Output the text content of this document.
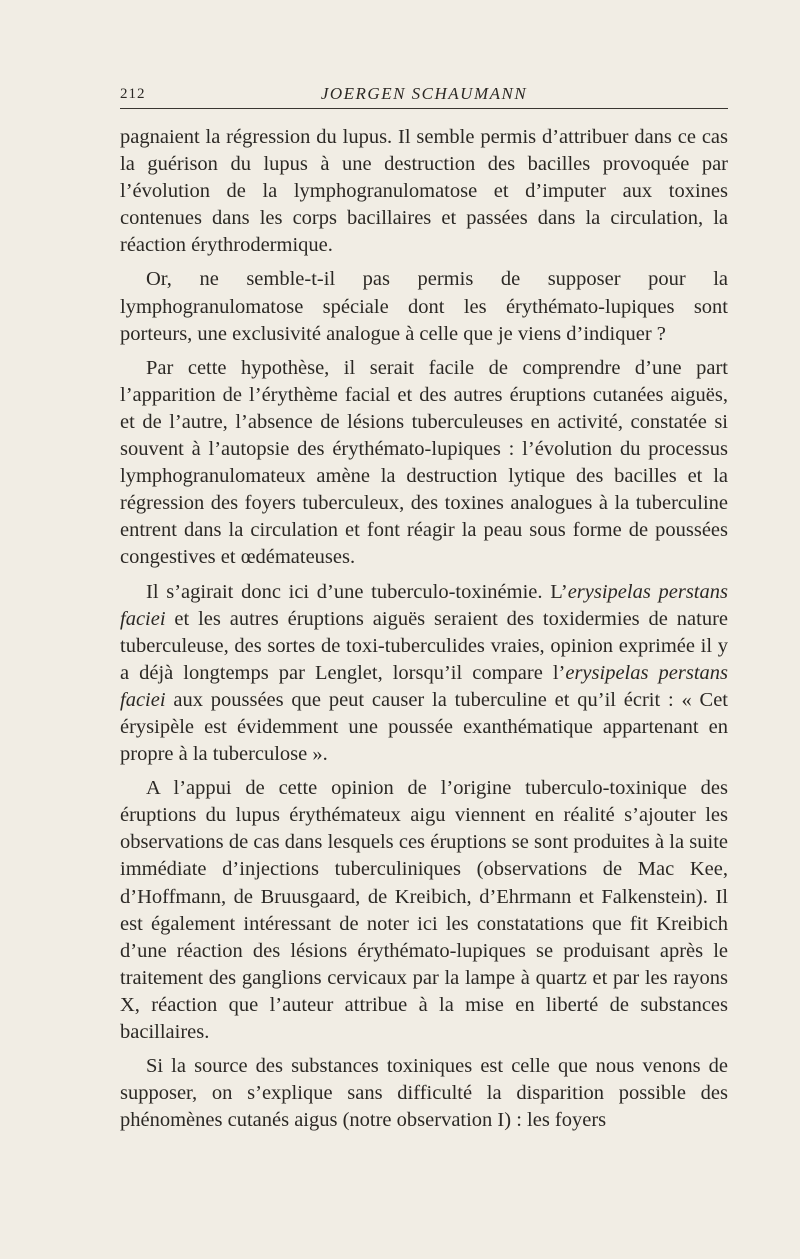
212	JOERGEN SCHAUMANN

pagnaient la régression du lupus. Il semble permis d’attribuer dans ce cas la guérison du lupus à une destruction des bacilles provoquée par l’évolution de la lymphogranulomatose et d’imputer aux toxines contenues dans les corps bacillaires et passées dans la circulation, la réaction érythrodermique.

Or, ne semble-t-il pas permis de supposer pour la lymphogranulomatose spéciale dont les érythémato-lupiques sont porteurs, une exclusivité analogue à celle que je viens d’indiquer ?

Par cette hypothèse, il serait facile de comprendre d’une part l’apparition de l’érythème facial et des autres éruptions cutanées aiguës, et de l’autre, l’absence de lésions tuberculeuses en activité, constatée si souvent à l’autopsie des érythémato-lupiques : l’évolution du processus lymphogranulomateux amène la destruction lytique des bacilles et la régression des foyers tuberculeux, des toxines analogues à la tuberculine entrent dans la circulation et font réagir la peau sous forme de poussées congestives et œdémateuses.

Il s’agirait donc ici d’une tuberculo-toxinémie. L’erysipelas perstans faciei et les autres éruptions aiguës seraient des toxidermies de nature tuberculeuse, des sortes de toxi-tuberculides vraies, opinion exprimée il y a déjà longtemps par Lenglet, lorsqu’il compare l’erysipelas perstans faciei aux poussées que peut causer la tuberculine et qu’il écrit : « Cet érysipèle est évidemment une poussée exanthématique appartenant en propre à la tuberculose ».

A l’appui de cette opinion de l’origine tuberculo-toxinique des éruptions du lupus érythémateux aigu viennent en réalité s’ajouter les observations de cas dans lesquels ces éruptions se sont produites à la suite immédiate d’injections tuberculiniques (observations de Mac Kee, d’Hoffmann, de Bruusgaard, de Kreibich, d’Ehrmann et Falkenstein). Il est également intéressant de noter ici les constatations que fit Kreibich d’une réaction des lésions érythémato-lupiques se produisant après le traitement des ganglions cervicaux par la lampe à quartz et par les rayons X, réaction que l’auteur attribue à la mise en liberté de substances bacillaires.

Si la source des substances toxiniques est celle que nous venons de supposer, on s’explique sans difficulté la disparition possible des phénomènes cutanés aigus (notre observation I) : les foyers
